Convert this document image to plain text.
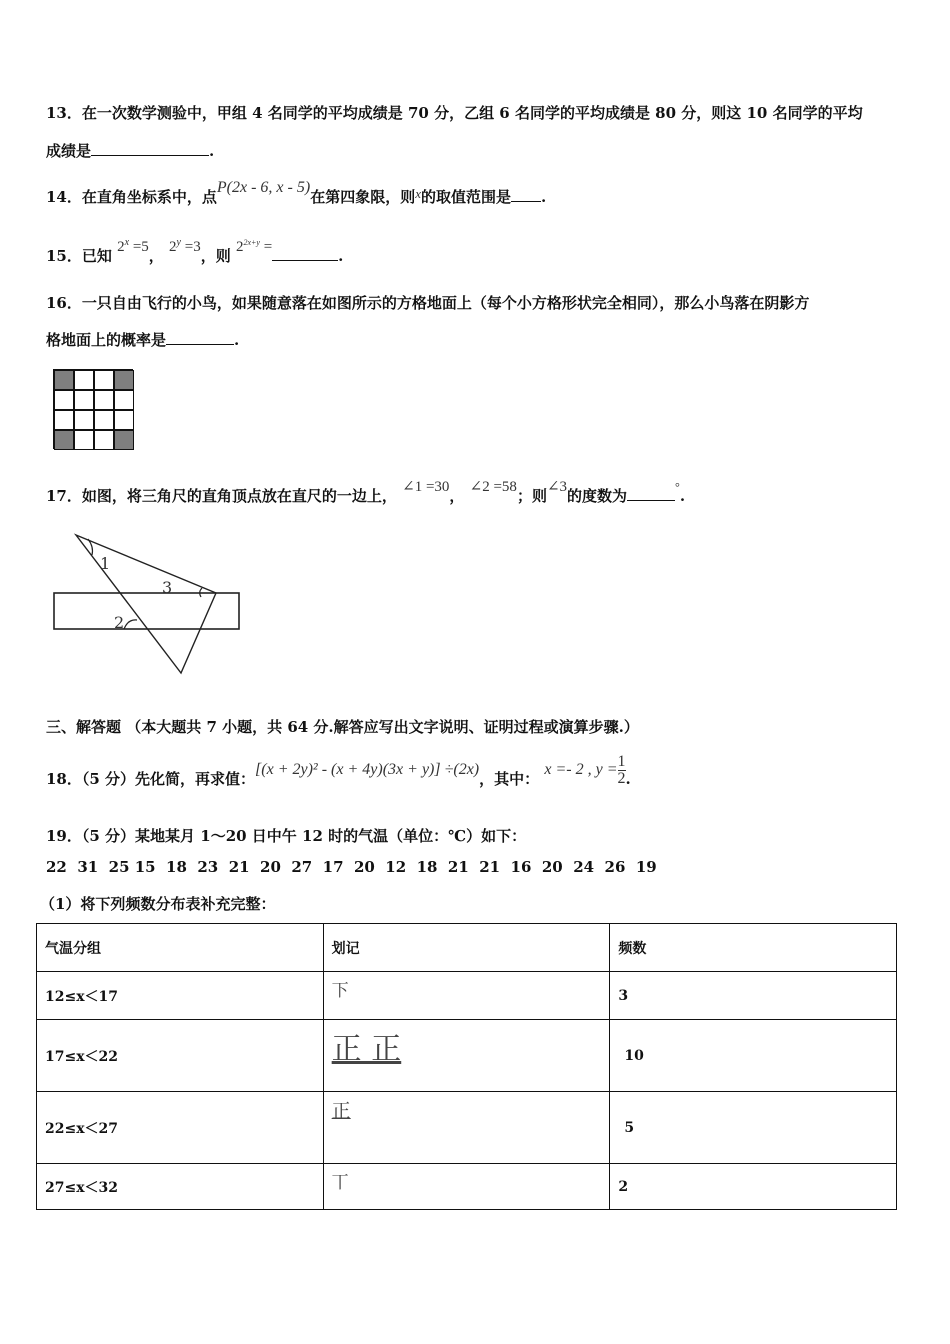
13．在一次数学测验中，甲组 4 名同学的平均成绩是 70 分，乙组 6 名同学的平均成绩是 80 分，则这 10 名同学的平均
成绩是	.
14．在直角坐标系中，点P(2x - 6, x - 5)在第四象限，则x的取值范围是 .
15．已知 $2^x =5$， $2^y =3$，则 $2^{2x+y}$ =	.
16．一只自由飞行的小鸟，如果随意落在如图所示的方格地面上（每个小方格形状完全相同），那么小鸟落在阴影方
格地面上的概率是	.
17．如图，将三角尺的直角顶点放在直尺的一边上， ∠1 =30， ∠2 =58；则∠3的度数为	°.
1
3
2
三、解答题 （本大题共 7 小题，共 64 分.解答应写出文字说明、证明过程或演算步骤.）
18．（5 分）先化简，再求值：[(x + 2y)² - (x + 4y)(3x + y)] ÷(2x)，其中： x =- 2 , $y = \frac{1}{2}$ .
19．（5 分）某地某月 1～20 日中午 12 时的气温（单位：℃）如下：
22  31  25 15  18  23  21  20  27  17  20  12  18  21  21  16  20  24  26  19
（1）将下列频数分布表补充完整：
气温分组	划记	频数
12≤x＜17	下	3
17≤x＜22	正 正	10
22≤x＜27	正	5
27≤x＜32	丅	2
